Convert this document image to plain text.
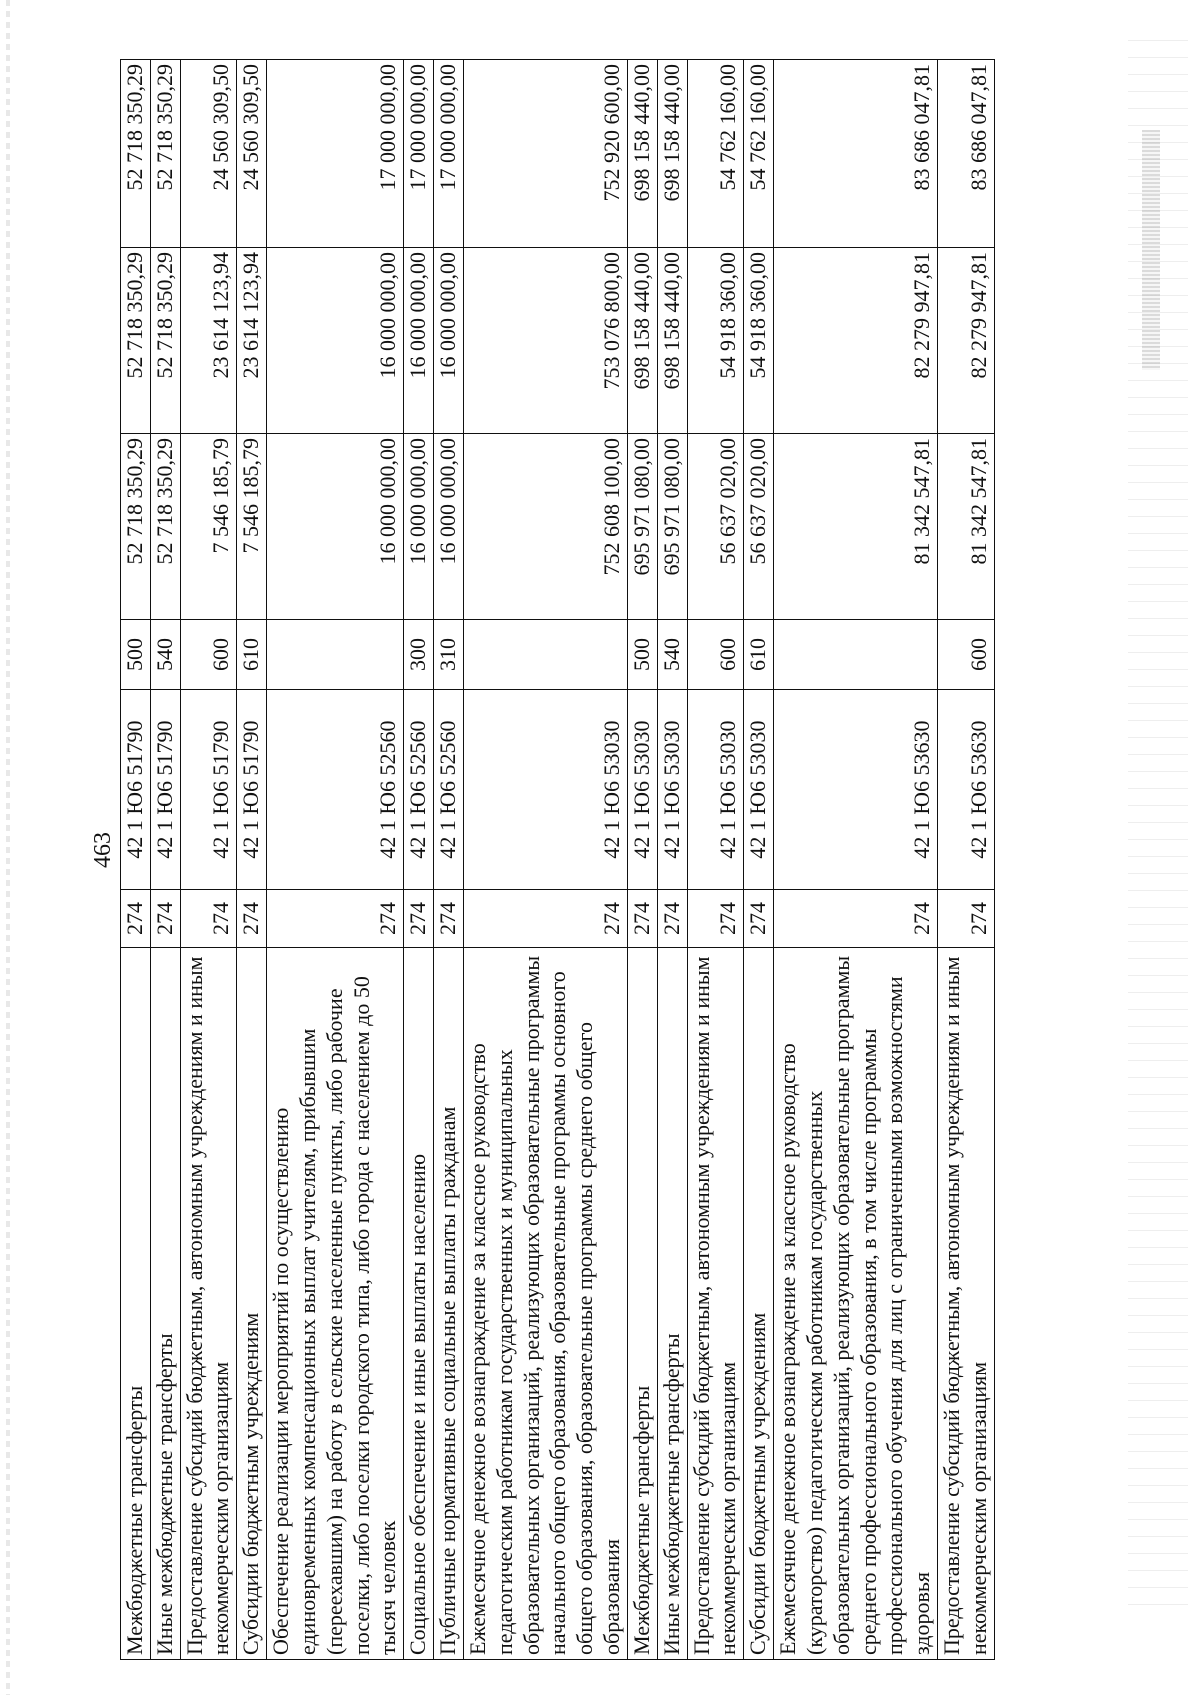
463
Межбюджетные трансферты	274	42 1 Ю6 51790	500	52 718 350,29	52 718 350,29	52 718 350,29
Иные межбюджетные трансферты	274	42 1 Ю6 51790	540	52 718 350,29	52 718 350,29	52 718 350,29
Предоставление субсидий бюджетным, автономным учреждениям и иным некоммерческим организациям	274	42 1 Ю6 51790	600	7 546 185,79	23 614 123,94	24 560 309,50
Субсидии бюджетным учреждениям	274	42 1 Ю6 51790	610	7 546 185,79	23 614 123,94	24 560 309,50
Обеспечение реализации мероприятий по осуществлению единовременных компенсационных выплат учителям, прибывшим (переехавшим) на работу в сельские населенные пункты, либо рабочие поселки, либо поселки городского типа, либо города с населением до 50 тысяч человек	274	42 1 Ю6 52560		16 000 000,00	16 000 000,00	17 000 000,00
Социальное обеспечение и иные выплаты населению	274	42 1 Ю6 52560	300	16 000 000,00	16 000 000,00	17 000 000,00
Публичные нормативные социальные выплаты гражданам	274	42 1 Ю6 52560	310	16 000 000,00	16 000 000,00	17 000 000,00
Ежемесячное денежное вознаграждение за классное руководство педагогическим работникам государственных и муниципальных образовательных организаций, реализующих образовательные программы начального общего образования, образовательные программы основного общего образования, образовательные программы среднего общего образования	274	42 1 Ю6 53030		752 608 100,00	753 076 800,00	752 920 600,00
Межбюджетные трансферты	274	42 1 Ю6 53030	500	695 971 080,00	698 158 440,00	698 158 440,00
Иные межбюджетные трансферты	274	42 1 Ю6 53030	540	695 971 080,00	698 158 440,00	698 158 440,00
Предоставление субсидий бюджетным, автономным учреждениям и иным некоммерческим организациям	274	42 1 Ю6 53030	600	56 637 020,00	54 918 360,00	54 762 160,00
Субсидии бюджетным учреждениям	274	42 1 Ю6 53030	610	56 637 020,00	54 918 360,00	54 762 160,00
Ежемесячное денежное вознаграждение за классное руководство (кураторство) педагогическим работникам государственных образовательных организаций, реализующих образовательные программы среднего профессионального образования, в том числе программы профессионального обучения для лиц с ограниченными возможностями здоровья	274	42 1 Ю6 53630		81 342 547,81	82 279 947,81	83 686 047,81
Предоставление субсидий бюджетным, автономным учреждениям и иным некоммерческим организациям	274	42 1 Ю6 53630	600	81 342 547,81	82 279 947,81	83 686 047,81
